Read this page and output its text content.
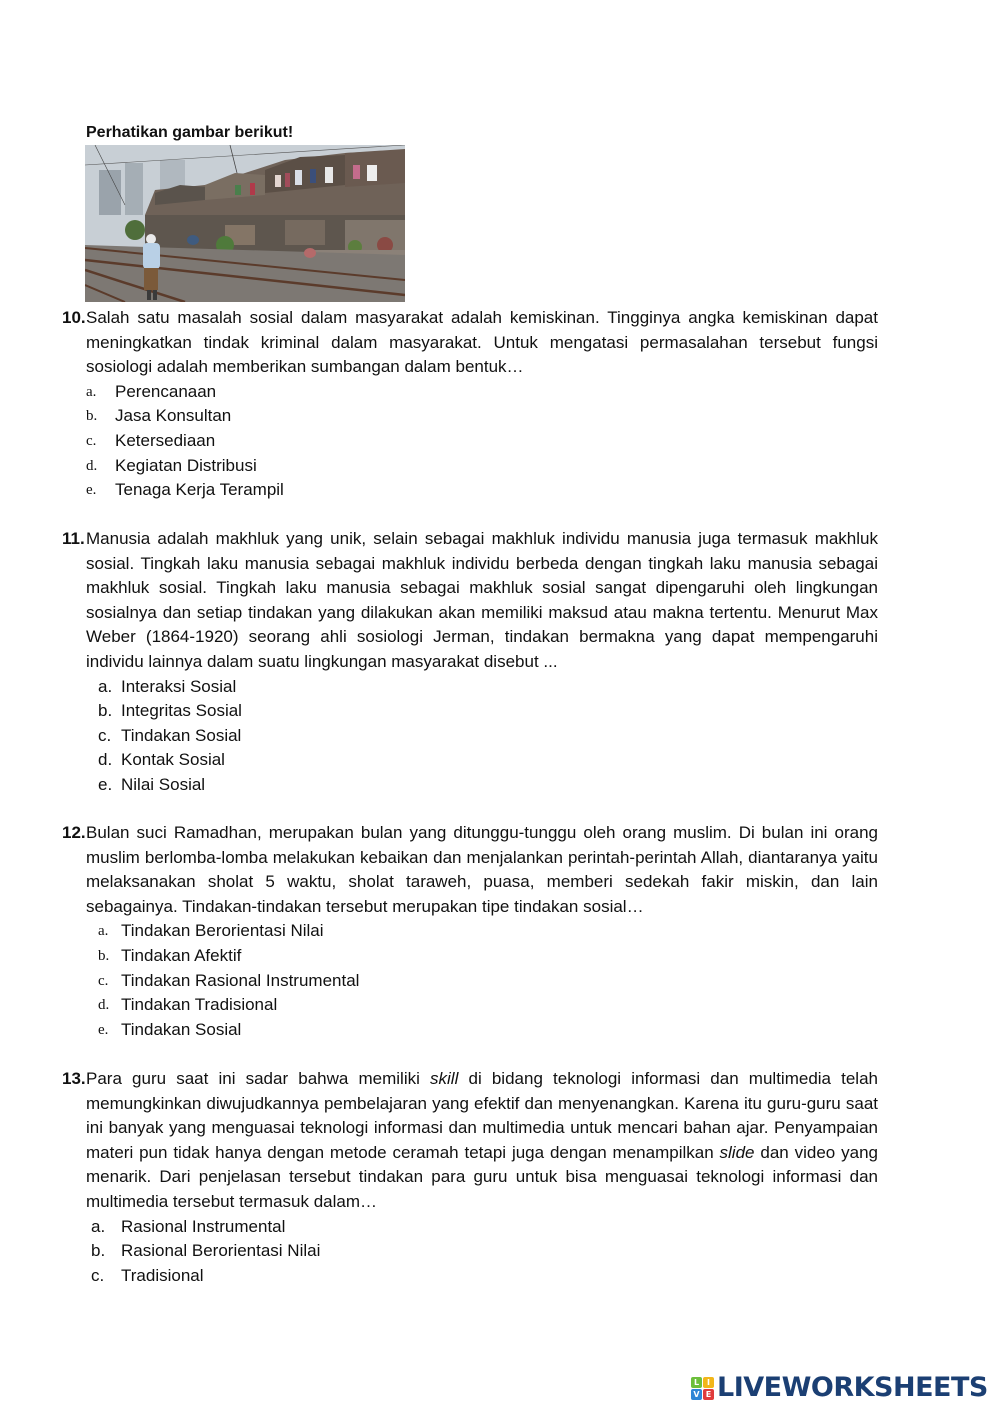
Perhatikan gambar berikut!
10. Salah satu masalah sosial dalam masyarakat adalah kemiskinan. Tingginya angka kemiskinan dapat meningkatkan tindak kriminal dalam masyarakat. Untuk mengatasi permasalahan tersebut fungsi sosiologi adalah memberikan sumbangan dalam bentuk…
a. Perencanaan
b. Jasa Konsultan
c. Ketersediaan
d. Kegiatan Distribusi
e. Tenaga Kerja Terampil
11. Manusia adalah makhluk yang unik, selain sebagai makhluk individu manusia juga termasuk makhluk sosial. Tingkah laku manusia sebagai makhluk individu berbeda dengan tingkah laku manusia sebagai makhluk sosial. Tingkah laku manusia sebagai makhluk sosial sangat dipengaruhi oleh lingkungan sosialnya dan setiap tindakan yang dilakukan akan memiliki maksud atau makna tertentu. Menurut Max Weber (1864-1920) seorang ahli sosiologi Jerman, tindakan bermakna yang dapat mempengaruhi individu lainnya dalam suatu lingkungan masyarakat disebut ...
a. Interaksi Sosial
b. Integritas Sosial
c. Tindakan Sosial
d. Kontak Sosial
e. Nilai Sosial
12. Bulan suci Ramadhan, merupakan bulan yang ditunggu-tunggu oleh orang muslim. Di bulan ini orang muslim berlomba-lomba melakukan kebaikan dan menjalankan perintah-perintah Allah, diantaranya yaitu melaksanakan sholat 5 waktu, sholat taraweh, puasa, memberi sedekah fakir miskin, dan lain sebagainya. Tindakan-tindakan tersebut merupakan tipe tindakan sosial…
a. Tindakan Berorientasi Nilai
b. Tindakan Afektif
c. Tindakan Rasional Instrumental
d. Tindakan Tradisional
e. Tindakan Sosial
13. Para guru saat ini sadar bahwa memiliki skill di bidang teknologi informasi dan multimedia telah memungkinkan diwujudkannya pembelajaran yang efektif dan menyenangkan. Karena itu guru-guru saat ini banyak yang menguasai teknologi informasi dan multimedia untuk mencari bahan ajar. Penyampaian materi pun tidak hanya dengan metode ceramah tetapi juga dengan menampilkan slide dan video yang menarik. Dari penjelasan tersebut tindakan para guru untuk bisa menguasai teknologi informasi dan multimedia tersebut termasuk dalam…
a. Rasional Instrumental
b. Rasional Berorientasi Nilai
c. Tradisional
L I
V E LIVEWORKSHEETS
